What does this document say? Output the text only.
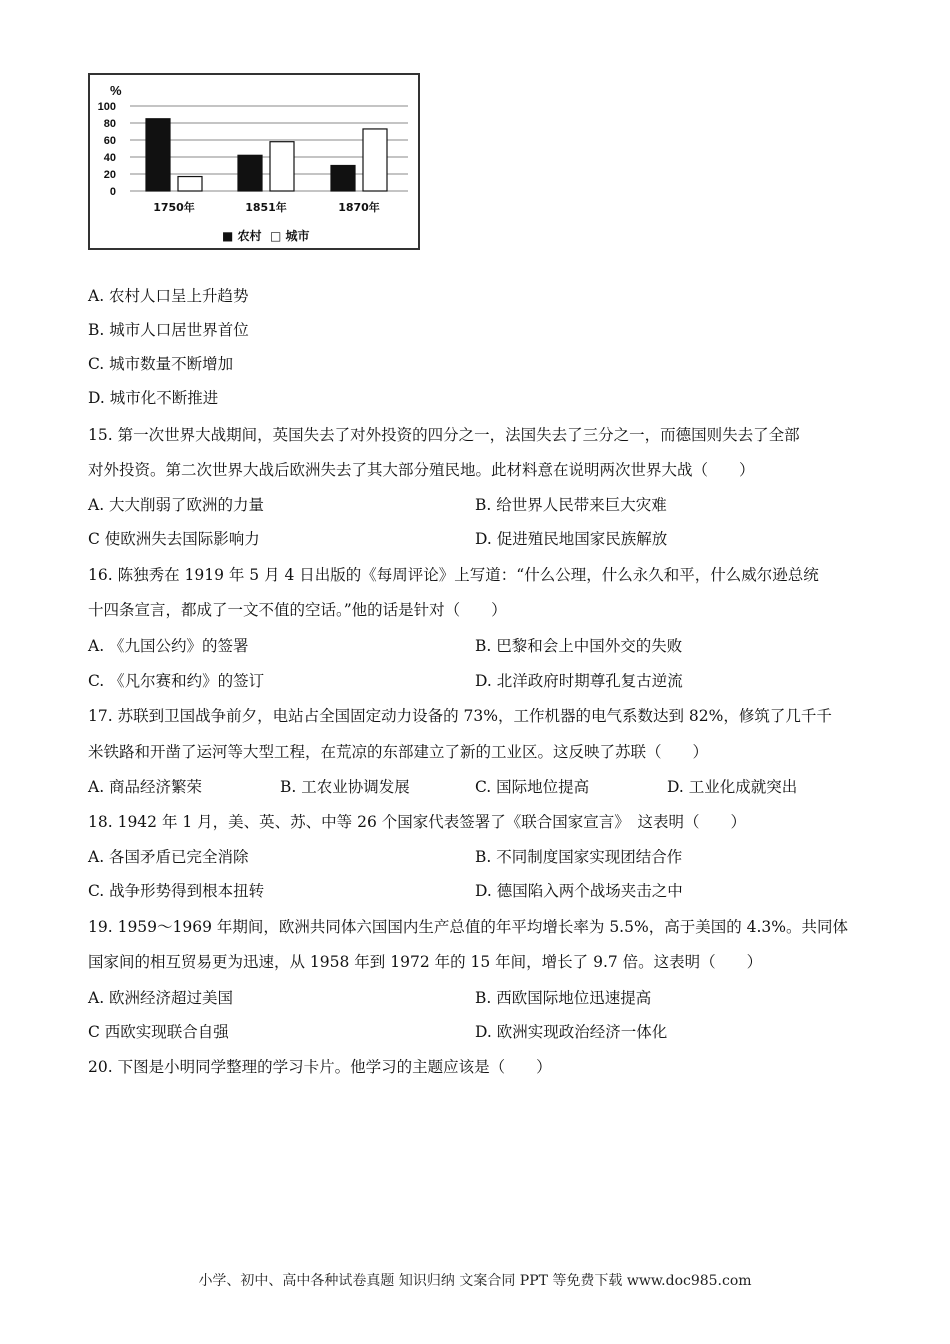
0
20
40
60
80
100
%
1750年	1851年	1870年
■ 农村 □ 城市
A. 农村人口呈上升趋势
B. 城市人口居世界首位
C. 城市数量不断增加
D. 城市化不断推进
15. 第一次世界大战期间，英国失去了对外投资的四分之一，法国失去了三分之一，而德国则失去了全部
对外投资。第二次世界大战后欧洲失去了其大部分殖民地。此材料意在说明两次世界大战（　　）
A. 大大削弱了欧洲的力量	B. 给世界人民带来巨大灾难
C 使欧洲失去国际影响力	D. 促进殖民地国家民族解放
16. 陈独秀在 1919 年 5 月 4 日出版的《每周评论》上写道：“什么公理，什么永久和平，什么威尔逊总统
十四条宣言，都成了一文不值的空话。”他的话是针对（　　）
A. 《九国公约》的签署	B. 巴黎和会上中国外交的失败
C. 《凡尔赛和约》的签订	D. 北洋政府时期尊孔复古逆流
17. 苏联到卫国战争前夕，电站占全国固定动力设备的 73%，工作机器的电气系数达到 82%，修筑了几千千
米铁路和开凿了运河等大型工程，在荒凉的东部建立了新的工业区。这反映了苏联（　　）
A. 商品经济繁荣	B. 工农业协调发展	C. 国际地位提高	D. 工业化成就突出
18. 1942 年 1 月，美、英、苏、中等 26 个国家代表签署了《联合国家宣言》　这表明（　　）
A. 各国矛盾已完全消除	B. 不同制度国家实现团结合作
C. 战争形势得到根本扭转	D. 德国陷入两个战场夹击之中
19. 1959～1969 年期间，欧洲共同体六国国内生产总值的年平均增长率为 5.5%，高于美国的 4.3%。共同体
国家间的相互贸易更为迅速，从 1958 年到 1972 年的 15 年间，增长了 9.7 倍。这表明（　　）
A. 欧洲经济超过美国	B. 西欧国际地位迅速提高
C 西欧实现联合自强	D. 欧洲实现政治经济一体化
20. 下图是小明同学整理的学习卡片。他学习的主题应该是（　　）
小学、初中、高中各种试卷真题 知识归纳 文案合同 PPT 等免费下载 www.doc985.com
